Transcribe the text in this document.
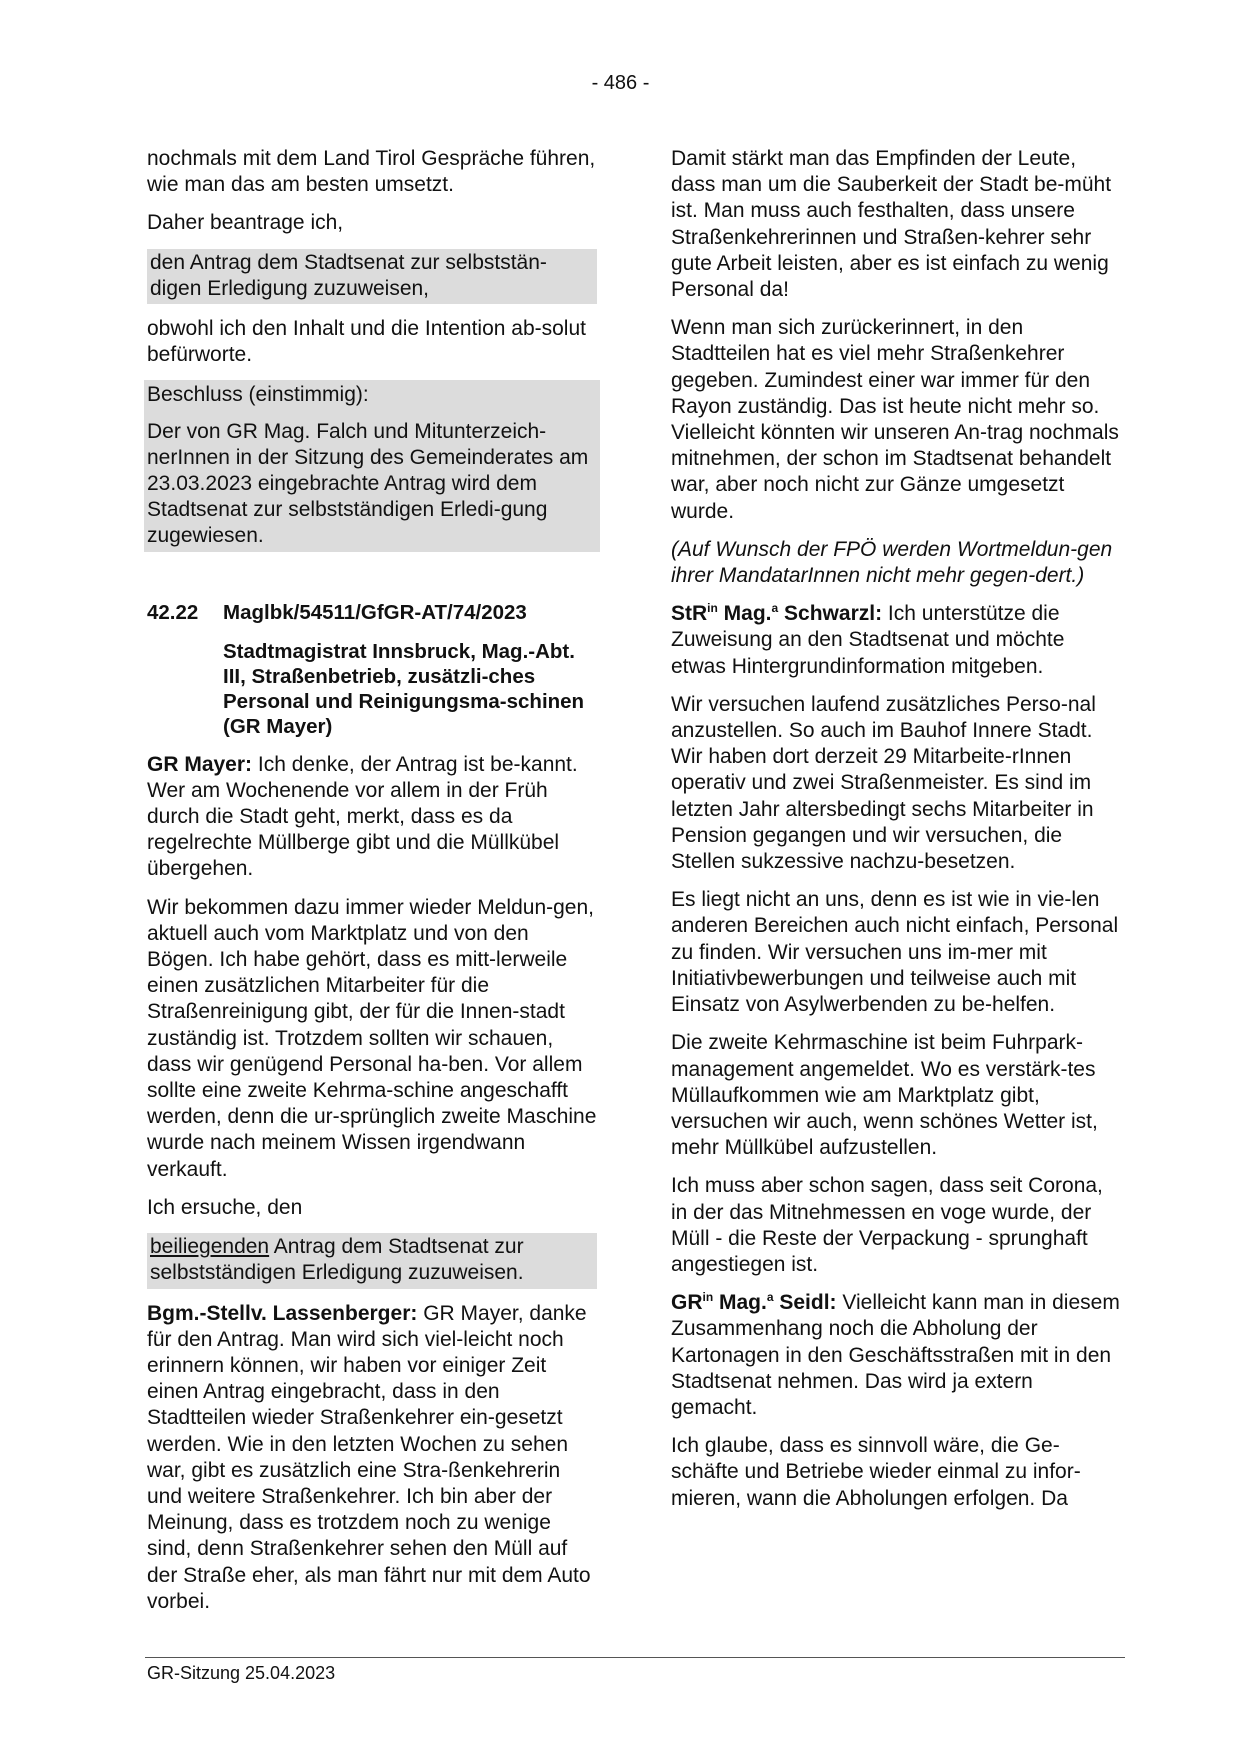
- 486 -

nochmals mit dem Land Tirol Gespräche führen, wie man das am besten umsetzt.

Daher beantrage ich,

den Antrag dem Stadtsenat zur selbststän-digen Erledigung zuzuweisen,

obwohl ich den Inhalt und die Intention ab-solut befürworte.

Beschluss (einstimmig):

Der von GR Mag. Falch und Mitunterzeich-nerInnen in der Sitzung des Gemeinderates am 23.03.2023 eingebrachte Antrag wird dem Stadtsenat zur selbstständigen Erledi-gung zugewiesen.

42.22	Maglbk/54511/GfGR-AT/74/2023
Stadtmagistrat Innsbruck, Mag.-Abt. III, Straßenbetrieb, zusätzli-ches Personal und Reinigungsma-schinen (GR Mayer)

GR Mayer: Ich denke, der Antrag ist be-kannt. Wer am Wochenende vor allem in der Früh durch die Stadt geht, merkt, dass es da regelrechte Müllberge gibt und die Müllkübel übergehen.

Wir bekommen dazu immer wieder Meldun-gen, aktuell auch vom Marktplatz und von den Bögen. Ich habe gehört, dass es mitt-lerweile einen zusätzlichen Mitarbeiter für die Straßenreinigung gibt, der für die Innen-stadt zuständig ist. Trotzdem sollten wir schauen, dass wir genügend Personal ha-ben. Vor allem sollte eine zweite Kehrma-schine angeschafft werden, denn die ur-sprünglich zweite Maschine wurde nach meinem Wissen irgendwann verkauft.

Ich ersuche, den

beiliegenden Antrag dem Stadtsenat zur selbstständigen Erledigung zuzuweisen.

Bgm.-Stellv. Lassenberger: GR Mayer, danke für den Antrag. Man wird sich viel-leicht noch erinnern können, wir haben vor einiger Zeit einen Antrag eingebracht, dass in den Stadtteilen wieder Straßenkehrer ein-gesetzt werden. Wie in den letzten Wochen zu sehen war, gibt es zusätzlich eine Stra-ßenkehrerin und weitere Straßenkehrer. Ich bin aber der Meinung, dass es trotzdem noch zu wenige sind, denn Straßenkehrer sehen den Müll auf der Straße eher, als man fährt nur mit dem Auto vorbei.

Damit stärkt man das Empfinden der Leute, dass man um die Sauberkeit der Stadt be-müht ist. Man muss auch festhalten, dass unsere Straßenkehrerinnen und Straßen-kehrer sehr gute Arbeit leisten, aber es ist einfach zu wenig Personal da!

Wenn man sich zurückerinnert, in den Stadtteilen hat es viel mehr Straßenkehrer gegeben. Zumindest einer war immer für den Rayon zuständig. Das ist heute nicht mehr so. Vielleicht könnten wir unseren An-trag nochmals mitnehmen, der schon im Stadtsenat behandelt war, aber noch nicht zur Gänze umgesetzt wurde.

(Auf Wunsch der FPÖ werden Wortmeldun-gen ihrer MandatarInnen nicht mehr gegen-dert.)

StR$^{in}$ Mag.$^a$ Schwarzl: Ich unterstütze die Zuweisung an den Stadtsenat und möchte etwas Hintergrundinformation mitgeben.

Wir versuchen laufend zusätzliches Perso-nal anzustellen. So auch im Bauhof Innere Stadt. Wir haben dort derzeit 29 Mitarbeite-rInnen operativ und zwei Straßenmeister. Es sind im letzten Jahr altersbedingt sechs Mitarbeiter in Pension gegangen und wir versuchen, die Stellen sukzessive nachzu-besetzen.

Es liegt nicht an uns, denn es ist wie in vie-len anderen Bereichen auch nicht einfach, Personal zu finden. Wir versuchen uns im-mer mit Initiativbewerbungen und teilweise auch mit Einsatz von Asylwerbenden zu be-helfen.

Die zweite Kehrmaschine ist beim Fuhrpark-management angemeldet. Wo es verstärk-tes Müllaufkommen wie am Marktplatz gibt, versuchen wir auch, wenn schönes Wetter ist, mehr Müllkübel aufzustellen.

Ich muss aber schon sagen, dass seit Corona, in der das Mitnehmessen en voge wurde, der Müll - die Reste der Verpackung - sprunghaft angestiegen ist.

$GR^{in}$ Mag.$^a$ Seidl: Vielleicht kann man in diesem Zusammenhang noch die Abholung der Kartonagen in den Geschäftsstraßen mit in den Stadtsenat nehmen. Das wird ja extern gemacht.

Ich glaube, dass es sinnvoll wäre, die Ge-schäfte und Betriebe wieder einmal zu infor-mieren, wann die Abholungen erfolgen. Da

GR-Sitzung 25.04.2023
